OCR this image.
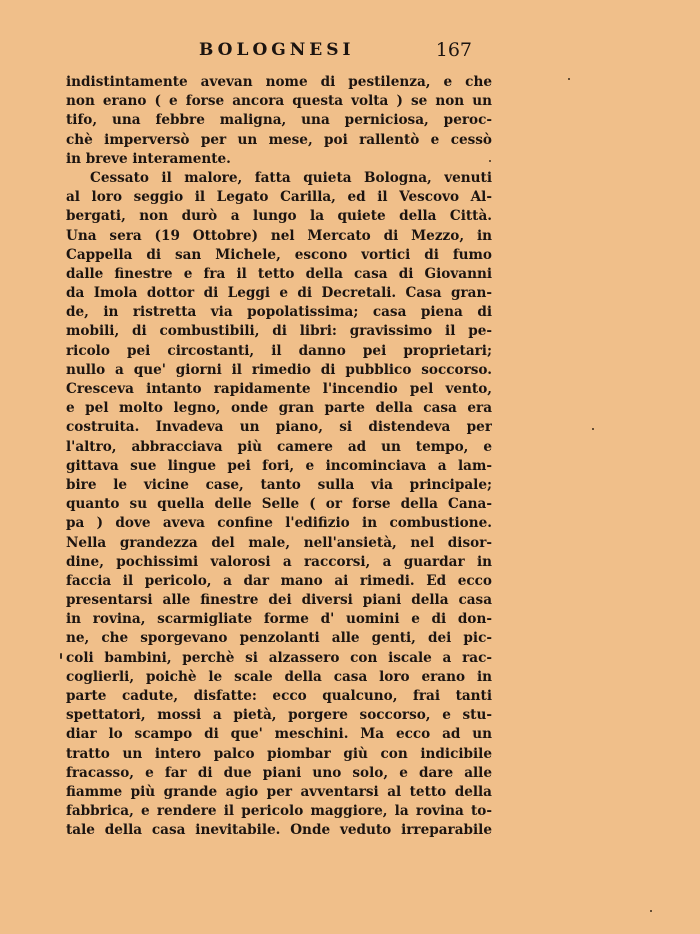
BOLOGNESI	167
indistintamente avevan nome di pestilenza, e che
non erano ( e forse ancora questa volta ) se non un
tifo, una febbre maligna, una perniciosa, peroc-
chè imperversò per un mese, poi rallentò e cessò
in breve interamente.
Cessato il malore, fatta quieta Bologna, venuti
al loro seggio il Legato Carilla, ed il Vescovo Al-
bergati, non durò a lungo la quiete della Città.
Una sera (19 Ottobre) nel Mercato di Mezzo, in
Cappella di san Michele, escono vortici di fumo
dalle finestre e fra il tetto della casa di Giovanni
da Imola dottor di Leggi e di Decretali. Casa gran-
de, in ristretta via popolatissima; casa piena di
mobili, di combustibili, di libri: gravissimo il pe-
ricolo pei circostanti, il danno pei proprietari;
nullo a que' giorni il rimedio di pubblico soccorso.
Cresceva intanto rapidamente l'incendio pel vento,
e pel molto legno, onde gran parte della casa era
costruita. Invadeva un piano, si distendeva per
l'altro, abbracciava più camere ad un tempo, e
gittava sue lingue pei fori, e incominciava a lam-
bire le vicine case, tanto sulla via principale;
quanto su quella delle Selle ( or forse della Cana-
pa ) dove aveva confine l'edifizio in combustione.
Nella grandezza del male, nell'ansietà, nel disor-
dine, pochissimi valorosi a raccorsi, a guardar in
faccia il pericolo, a dar mano ai rimedi. Ed ecco
presentarsi alle finestre dei diversi piani della casa
in rovina, scarmigliate forme d' uomini e di don-
ne, che sporgevano penzolanti alle genti, dei pic-
coli bambini, perchè si alzassero con iscale a rac-
coglierli, poichè le scale della casa loro erano in
parte cadute, disfatte: ecco qualcuno, frai tanti
spettatori, mossi a pietà, porgere soccorso, e stu-
diar lo scampo di que' meschini. Ma ecco ad un
tratto un intero palco piombar giù con indicibile
fracasso, e far di due piani uno solo, e dare alle
fiamme più grande agio per avventarsi al tetto della
fabbrica, e rendere il pericolo maggiore, la rovina to-
tale della casa inevitabile. Onde veduto irreparabile
